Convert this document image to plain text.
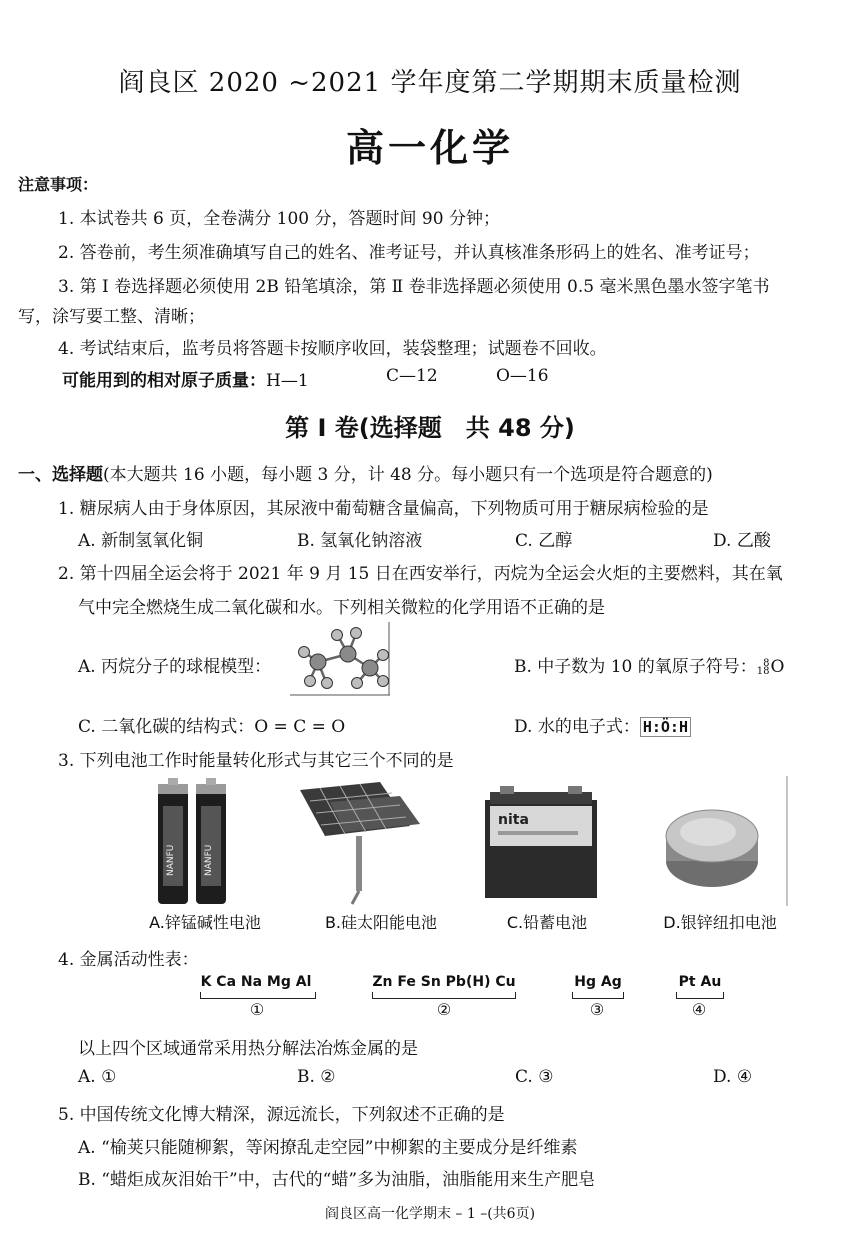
阎良区 2020 ~2021 学年度第二学期期末质量检测
高一化学
注意事项：
1. 本试卷共 6 页，全卷满分 100 分，答题时间 90 分钟；
2. 答卷前，考生须准确填写自己的姓名、准考证号，并认真核准条形码上的姓名、准考证号；
3. 第 Ⅰ 卷选择题必须使用 2B 铅笔填涂，第 Ⅱ 卷非选择题必须使用 0.5 毫米黑色墨水签字笔书
写，涂写要工整、清晰；
4. 考试结束后，监考员将答题卡按顺序收回，装袋整理；试题卷不回收。
可能用到的相对原子质量：H—1	C—12	O—16
第 Ⅰ 卷(选择题　共 48 分)
一、选择题(本大题共 16 小题，每小题 3 分，计 48 分。每小题只有一个选项是符合题意的)
1. 糖尿病人由于身体原因，其尿液中葡萄糖含量偏高，下列物质可用于糖尿病检验的是
A. 新制氢氧化铜	B. 氢氧化钠溶液	C. 乙醇	D. 乙酸
2. 第十四届全运会将于 2021 年 9 月 15 日在西安举行，丙烷为全运会火炬的主要燃料，其在氧
气中完全燃烧生成二氧化碳和水。下列相关微粒的化学用语不正确的是
A. 丙烷分子的球棍模型：	B. 中子数为 10 的氧原子符号： 8
18 O
C. 二氧化碳的结构式：O = C = O	D. 水的电子式： H:Ö:H
3. 下列电池工作时能量转化形式与其它三个不同的是
NANFU	NANFU
nita
A.锌锰碱性电池	B.硅太阳能电池	C.铅蓄电池	D.银锌纽扣电池
4. 金属活动性表：
K Ca Na Mg Al
①
Zn Fe Sn Pb(H) Cu
②
Hg Ag
③
Pt Au
④
以上四个区域通常采用热分解法冶炼金属的是
A. ①	B. ②	C. ③	D. ④
5. 中国传统文化博大精深，源远流长，下列叙述不正确的是
A. “榆荚只能随柳絮，等闲撩乱走空园”中柳絮的主要成分是纤维素
B. “蜡炬成灰泪始干”中，古代的“蜡”多为油脂，油脂能用来生产肥皂
阎良区高一化学期末 – 1 –(共6页)
